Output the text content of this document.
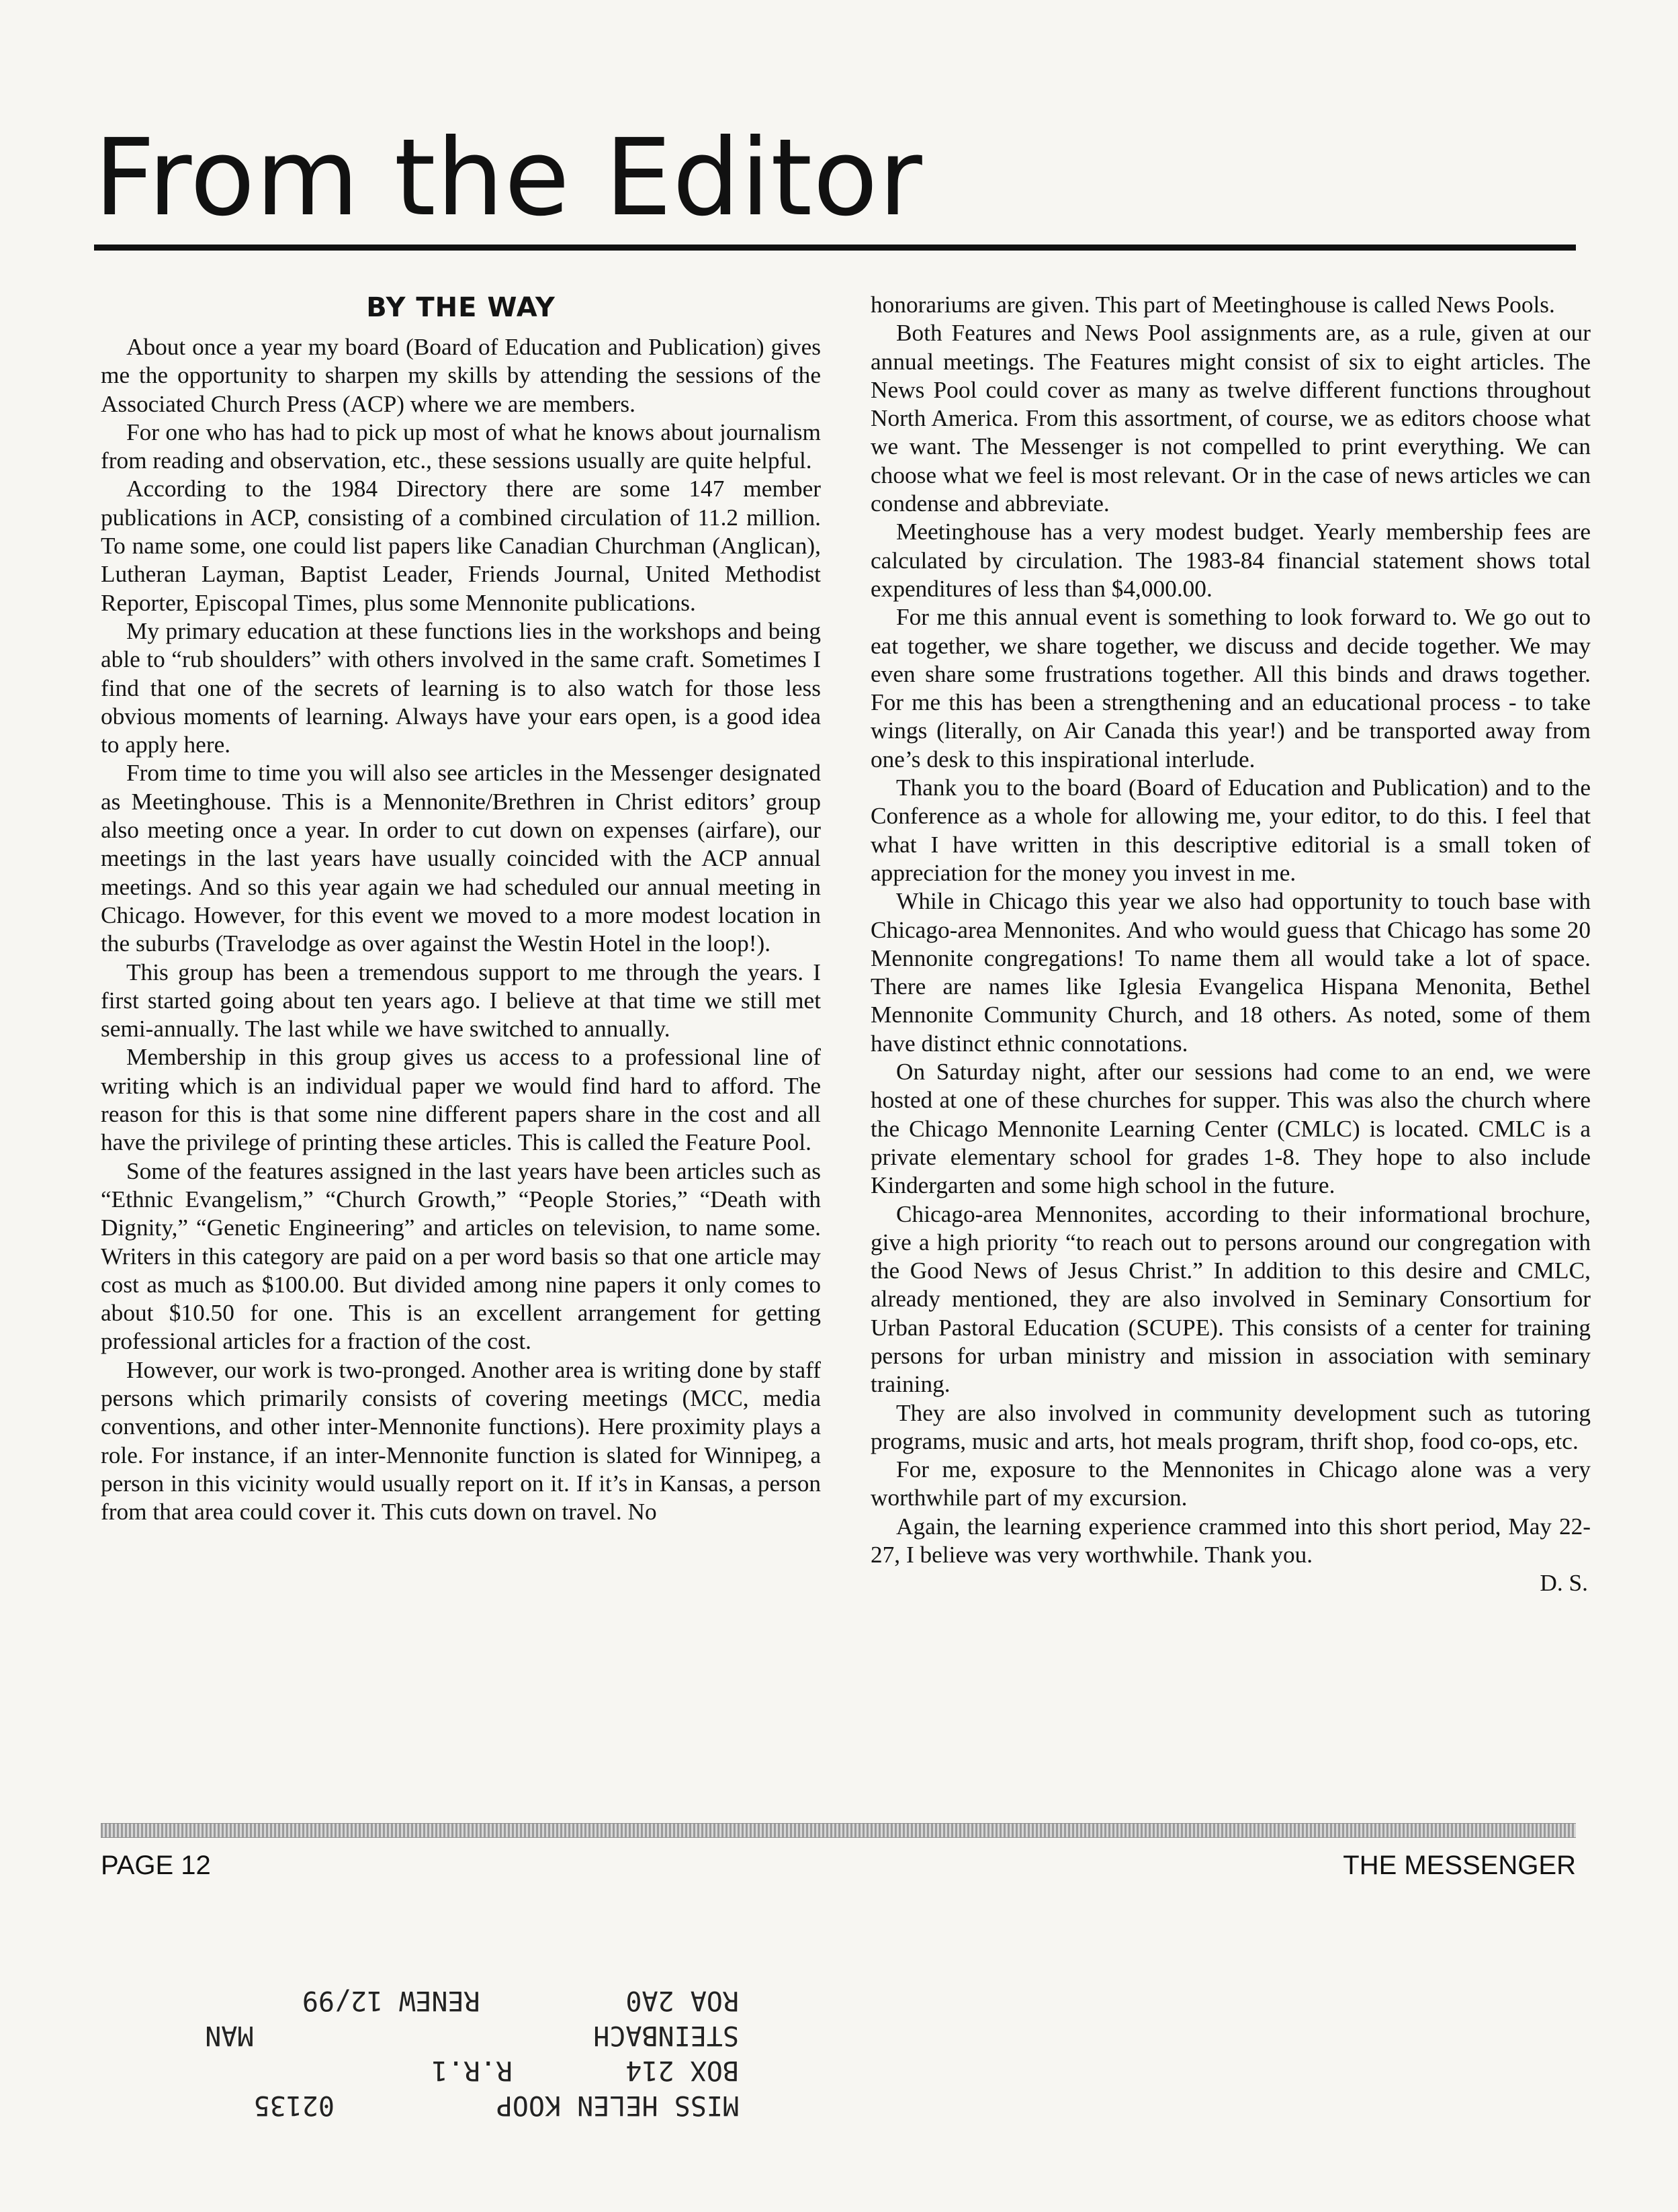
From the Editor
BY THE WAY

About once a year my board (Board of Education and Publication) gives me the opportunity to sharpen my skills by attending the sessions of the Associated Church Press (ACP) where we are members.

For one who has had to pick up most of what he knows about journalism from reading and observation, etc., these sessions usually are quite helpful.

According to the 1984 Directory there are some 147 member publications in ACP, consisting of a combined circulation of 11.2 million. To name some, one could list papers like Canadian Churchman (Anglican), Lutheran Layman, Baptist Leader, Friends Journal, United Methodist Reporter, Episcopal Times, plus some Mennonite publications.

My primary education at these functions lies in the workshops and being able to “rub shoulders” with others involved in the same craft. Sometimes I find that one of the secrets of learning is to also watch for those less obvious moments of learning. Always have your ears open, is a good idea to apply here.

From time to time you will also see articles in the Messenger designated as Meetinghouse. This is a Mennonite/Brethren in Christ editors’ group also meeting once a year. In order to cut down on expenses (airfare), our meetings in the last years have usually coincided with the ACP annual meetings. And so this year again we had scheduled our annual meeting in Chicago. However, for this event we moved to a more modest location in the suburbs (Travelodge as over against the Westin Hotel in the loop!).

This group has been a tremendous support to me through the years. I first started going about ten years ago. I believe at that time we still met semi-annually. The last while we have switched to annually.

Membership in this group gives us access to a professional line of writing which is an individual paper we would find hard to afford. The reason for this is that some nine different papers share in the cost and all have the privilege of printing these articles. This is called the Feature Pool.

Some of the features assigned in the last years have been articles such as “Ethnic Evangelism,” “Church Growth,” “People Stories,” “Death with Dignity,” “Genetic Engineering” and articles on television, to name some. Writers in this category are paid on a per word basis so that one article may cost as much as $100.00. But divided among nine papers it only comes to about $10.50 for one. This is an excellent arrangement for getting professional articles for a fraction of the cost.

However, our work is two-pronged. Another area is writing done by staff persons which primarily consists of covering meetings (MCC, media conventions, and other inter-Mennonite functions). Here proximity plays a role. For instance, if an inter-Mennonite function is slated for Winnipeg, a person in this vicinity would usually report on it. If it’s in Kansas, a person from that area could cover it. This cuts down on travel. No

honorariums are given. This part of Meetinghouse is called News Pools.

Both Features and News Pool assignments are, as a rule, given at our annual meetings. The Features might consist of six to eight articles. The News Pool could cover as many as twelve different functions throughout North America. From this assortment, of course, we as editors choose what we want. The Messenger is not compelled to print everything. We can choose what we feel is most relevant. Or in the case of news articles we can condense and abbreviate.

Meetinghouse has a very modest budget. Yearly membership fees are calculated by circulation. The 1983-84 financial statement shows total expenditures of less than $4,000.00.

For me this annual event is something to look forward to. We go out to eat together, we share together, we discuss and decide together. We may even share some frustrations together. All this binds and draws together. For me this has been a strengthening and an educational process - to take wings (literally, on Air Canada this year!) and be transported away from one’s desk to this inspirational interlude.

Thank you to the board (Board of Education and Publication) and to the Conference as a whole for allowing me, your editor, to do this. I feel that what I have written in this descriptive editorial is a small token of appreciation for the money you invest in me.

While in Chicago this year we also had opportunity to touch base with Chicago-area Mennonites. And who would guess that Chicago has some 20 Mennonite congregations! To name them all would take a lot of space. There are names like Iglesia Evangelica Hispana Menonita, Bethel Mennonite Community Church, and 18 others. As noted, some of them have distinct ethnic connotations.

On Saturday night, after our sessions had come to an end, we were hosted at one of these churches for supper. This was also the church where the Chicago Mennonite Learning Center (CMLC) is located. CMLC is a private elementary school for grades 1-8. They hope to also include Kindergarten and some high school in the future.

Chicago-area Mennonites, according to their informational brochure, give a high priority “to reach out to persons around our congregation with the Good News of Jesus Christ.” In addition to this desire and CMLC, already mentioned, they are also involved in Seminary Consortium for Urban Pastoral Education (SCUPE). This consists of a center for training persons for urban ministry and mission in association with seminary training.

They are also involved in community development such as tutoring programs, music and arts, hot meals program, thrift shop, food co-ops, etc.

For me, exposure to the Mennonites in Chicago alone was a very worthwhile part of my excursion.

Again, the learning experience crammed into this short period, May 22-27, I believe was very worthwhile. Thank you.

D. S.

PAGE 12	THE MESSENGER
MISS HELEN KOOP          02135
BOX 214       R.R.1
STEINBACH                     MAN
ROA 2A0         RENEW 12/99
